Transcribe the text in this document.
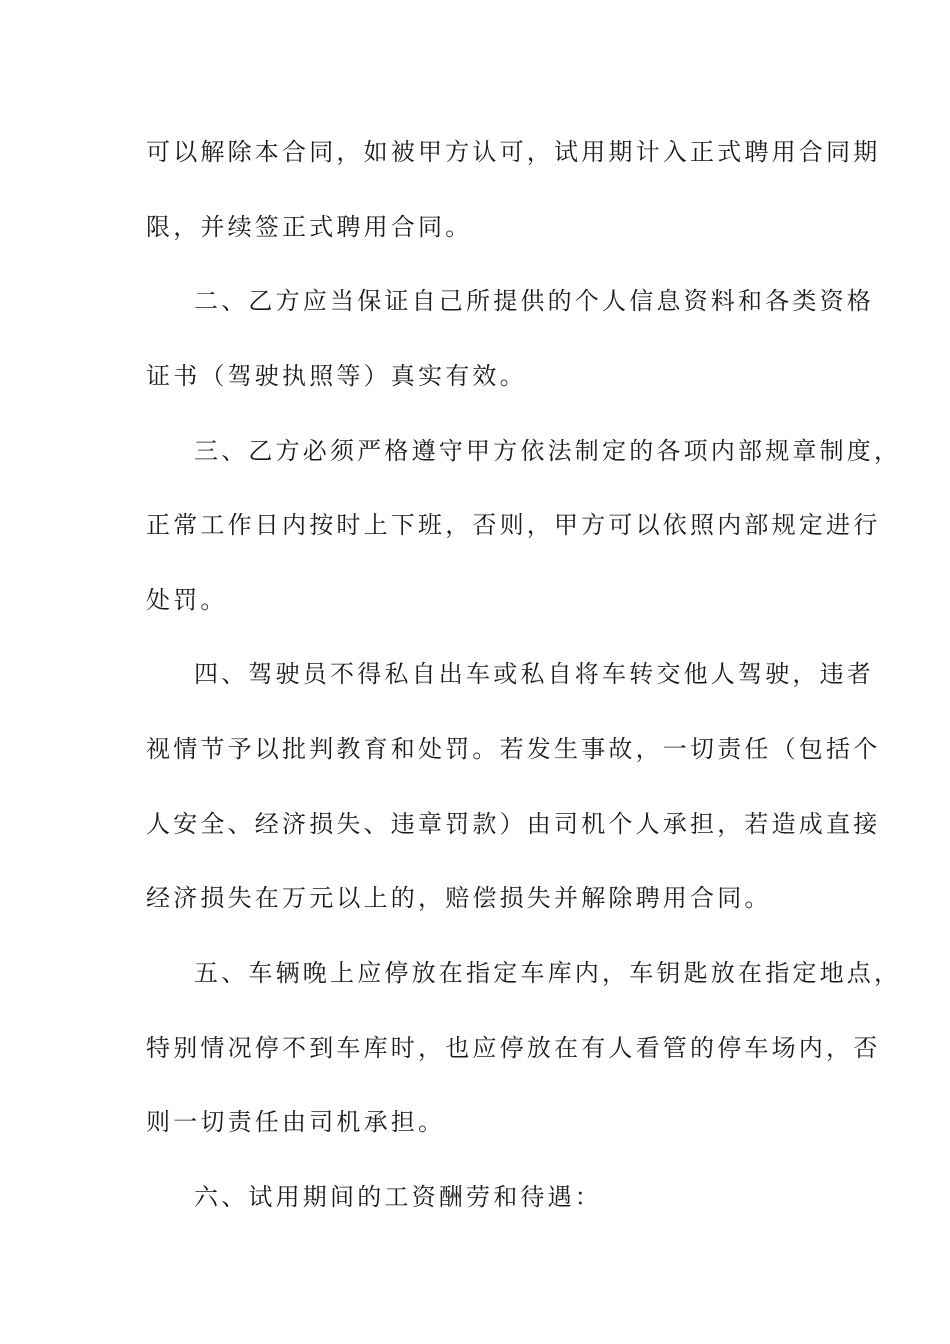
可以解除本合同，如被甲方认可，试用期计入正式聘用合同期
限，并续签正式聘用合同。
二、乙方应当保证自己所提供的个人信息资料和各类资格
证书（驾驶执照等）真实有效。
三、乙方必须严格遵守甲方依法制定的各项内部规章制度，
正常工作日内按时上下班，否则，甲方可以依照内部规定进行
处罚。
四、驾驶员不得私自出车或私自将车转交他人驾驶，违者
视情节予以批判教育和处罚。若发生事故，一切责任（包括个
人安全、经济损失、违章罚款）由司机个人承担，若造成直接
经济损失在万元以上的，赔偿损失并解除聘用合同。
五、车辆晚上应停放在指定车库内，车钥匙放在指定地点，
特别情况停不到车库时，也应停放在有人看管的停车场内，否
则一切责任由司机承担。
六、试用期间的工资酬劳和待遇：
